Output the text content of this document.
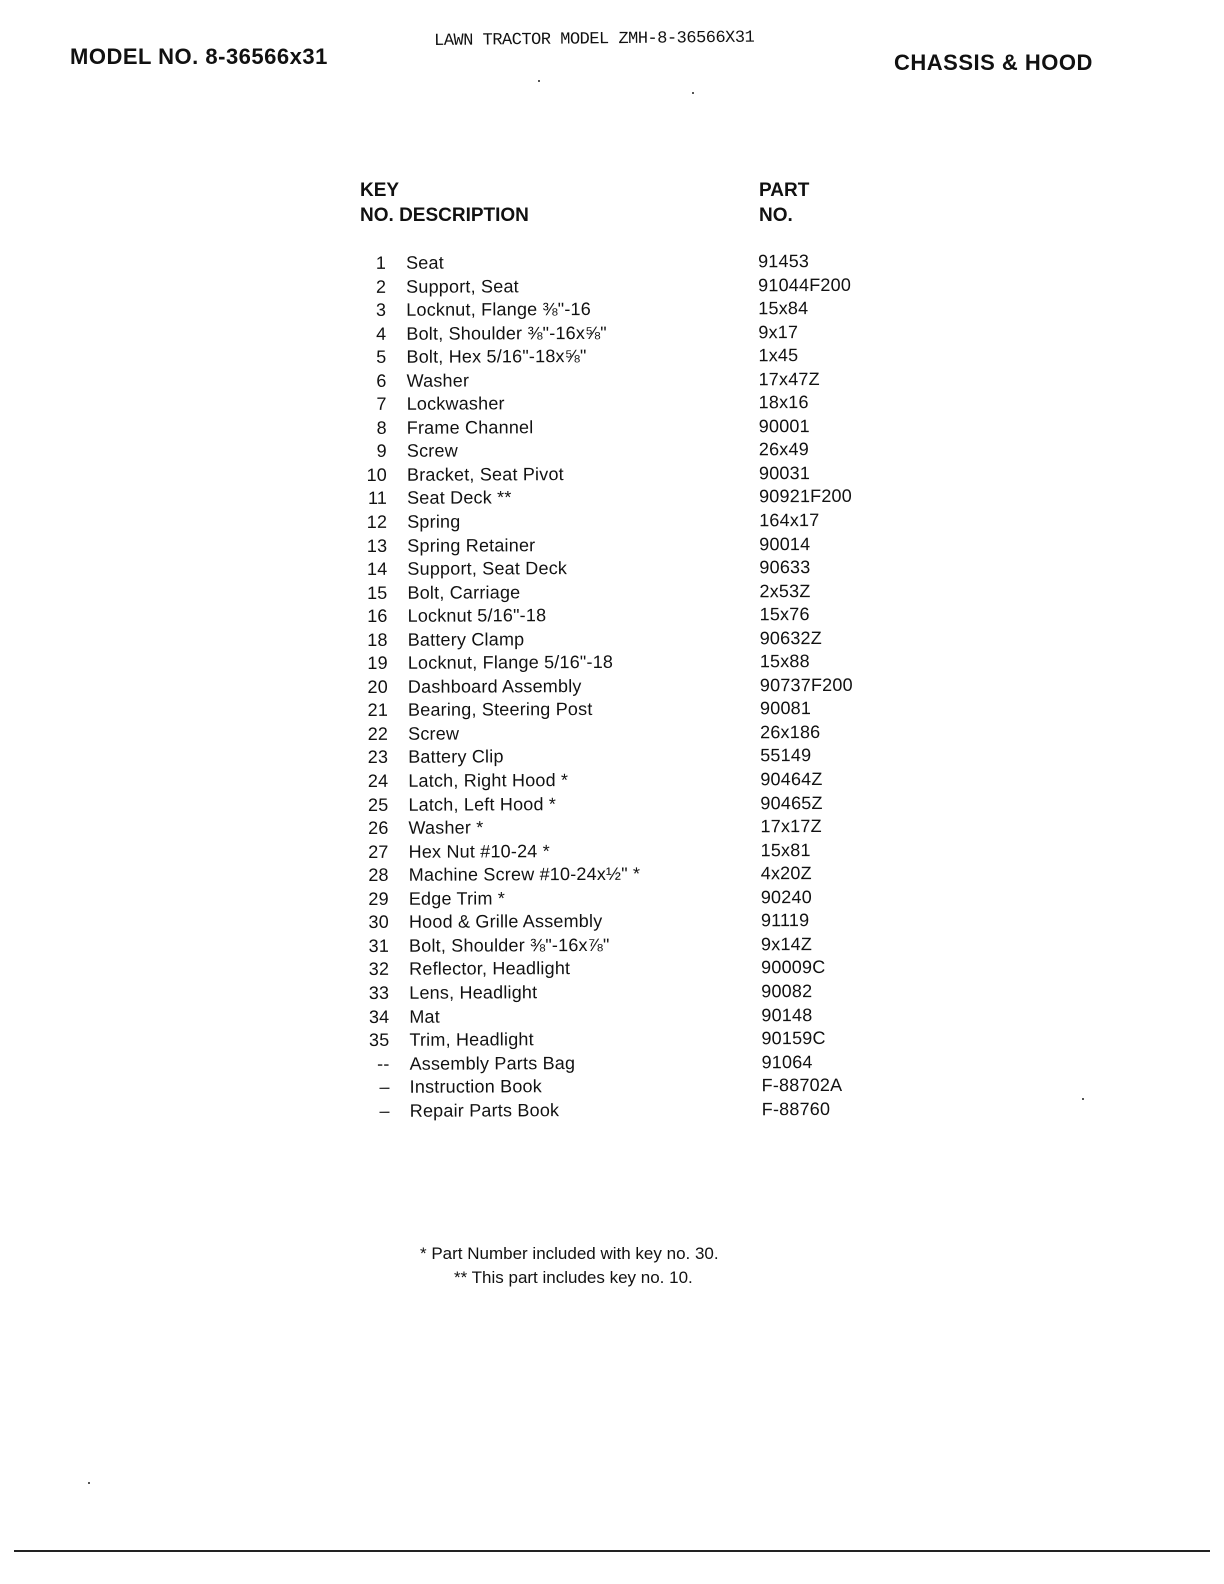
MODEL NO. 8-36566x31
LAWN TRACTOR MODEL ZMH-8-36566X31
CHASSIS & HOOD
KEY
NO. DESCRIPTION
PART
NO.
1 Seat	91453
2 Support, Seat	91044F200
3 Locknut, Flange ⅜"-16	15x84
4 Bolt, Shoulder ⅜"-16x⅝"	9x17
5 Bolt, Hex 5/16"-18x⅝"	1x45
6 Washer	17x47Z
7 Lockwasher	18x16
8 Frame Channel	90001
9 Screw	26x49
10 Bracket, Seat Pivot	90031
11 Seat Deck **	90921F200
12 Spring	164x17
13 Spring Retainer	90014
14 Support, Seat Deck	90633
15 Bolt, Carriage	2x53Z
16 Locknut 5/16"-18	15x76
18 Battery Clamp	90632Z
19 Locknut, Flange 5/16"-18	15x88
20 Dashboard Assembly	90737F200
21 Bearing, Steering Post	90081
22 Screw	26x186
23 Battery Clip	55149
24 Latch, Right Hood *	90464Z
25 Latch, Left Hood *	90465Z
26 Washer *	17x17Z
27 Hex Nut #10-24 *	15x81
28 Machine Screw #10-24x½" *	4x20Z
29 Edge Trim *	90240
30 Hood & Grille Assembly	91119
31 Bolt, Shoulder ⅜"-16x⅞"	9x14Z
32 Reflector, Headlight	90009C
33 Lens, Headlight	90082
34 Mat	90148
35 Trim, Headlight	90159C
-- Assembly Parts Bag	91064
– Instruction Book	F-88702A
– Repair Parts Book	F-88760
* Part Number included with key no. 30.
** This part includes key no. 10.
